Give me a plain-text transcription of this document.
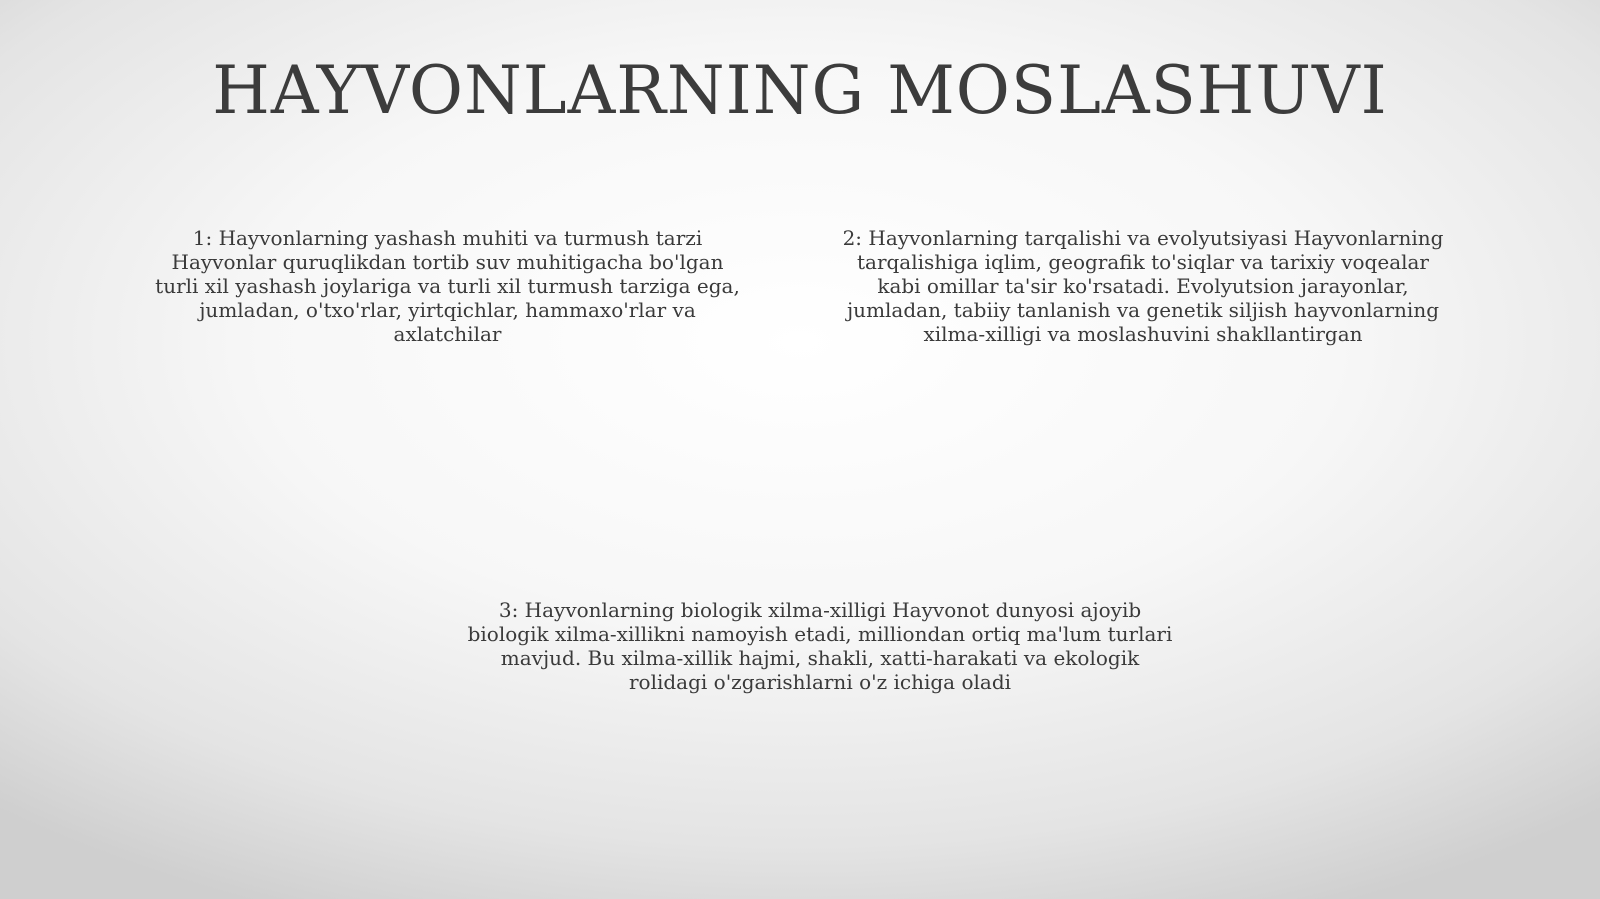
HAYVONLARNING MOSLASHUVI

1: Hayvonlarning yashash muhiti va turmush tarzi Hayvonlar quruqlikdan tortib suv muhitigacha bo'lgan turli xil yashash joylariga va turli xil turmush tarziga ega, jumladan, o'txo'rlar, yirtqichlar, hammaxo'rlar va axlatchilar

2: Hayvonlarning tarqalishi va evolyutsiyasi Hayvonlarning tarqalishiga iqlim, geografik to'siqlar va tarixiy voqealar kabi omillar ta'sir ko'rsatadi. Evolyutsion jarayonlar, jumladan, tabiiy tanlanish va genetik siljish hayvonlarning xilma-xilligi va moslashuvini shakllantirgan

3: Hayvonlarning biologik xilma-xilligi Hayvonot dunyosi ajoyib biologik xilma-xillikni namoyish etadi, milliondan ortiq ma'lum turlari mavjud. Bu xilma-xillik hajmi, shakli, xatti-harakati va ekologik rolidagi o'zgarishlarni o'z ichiga oladi
